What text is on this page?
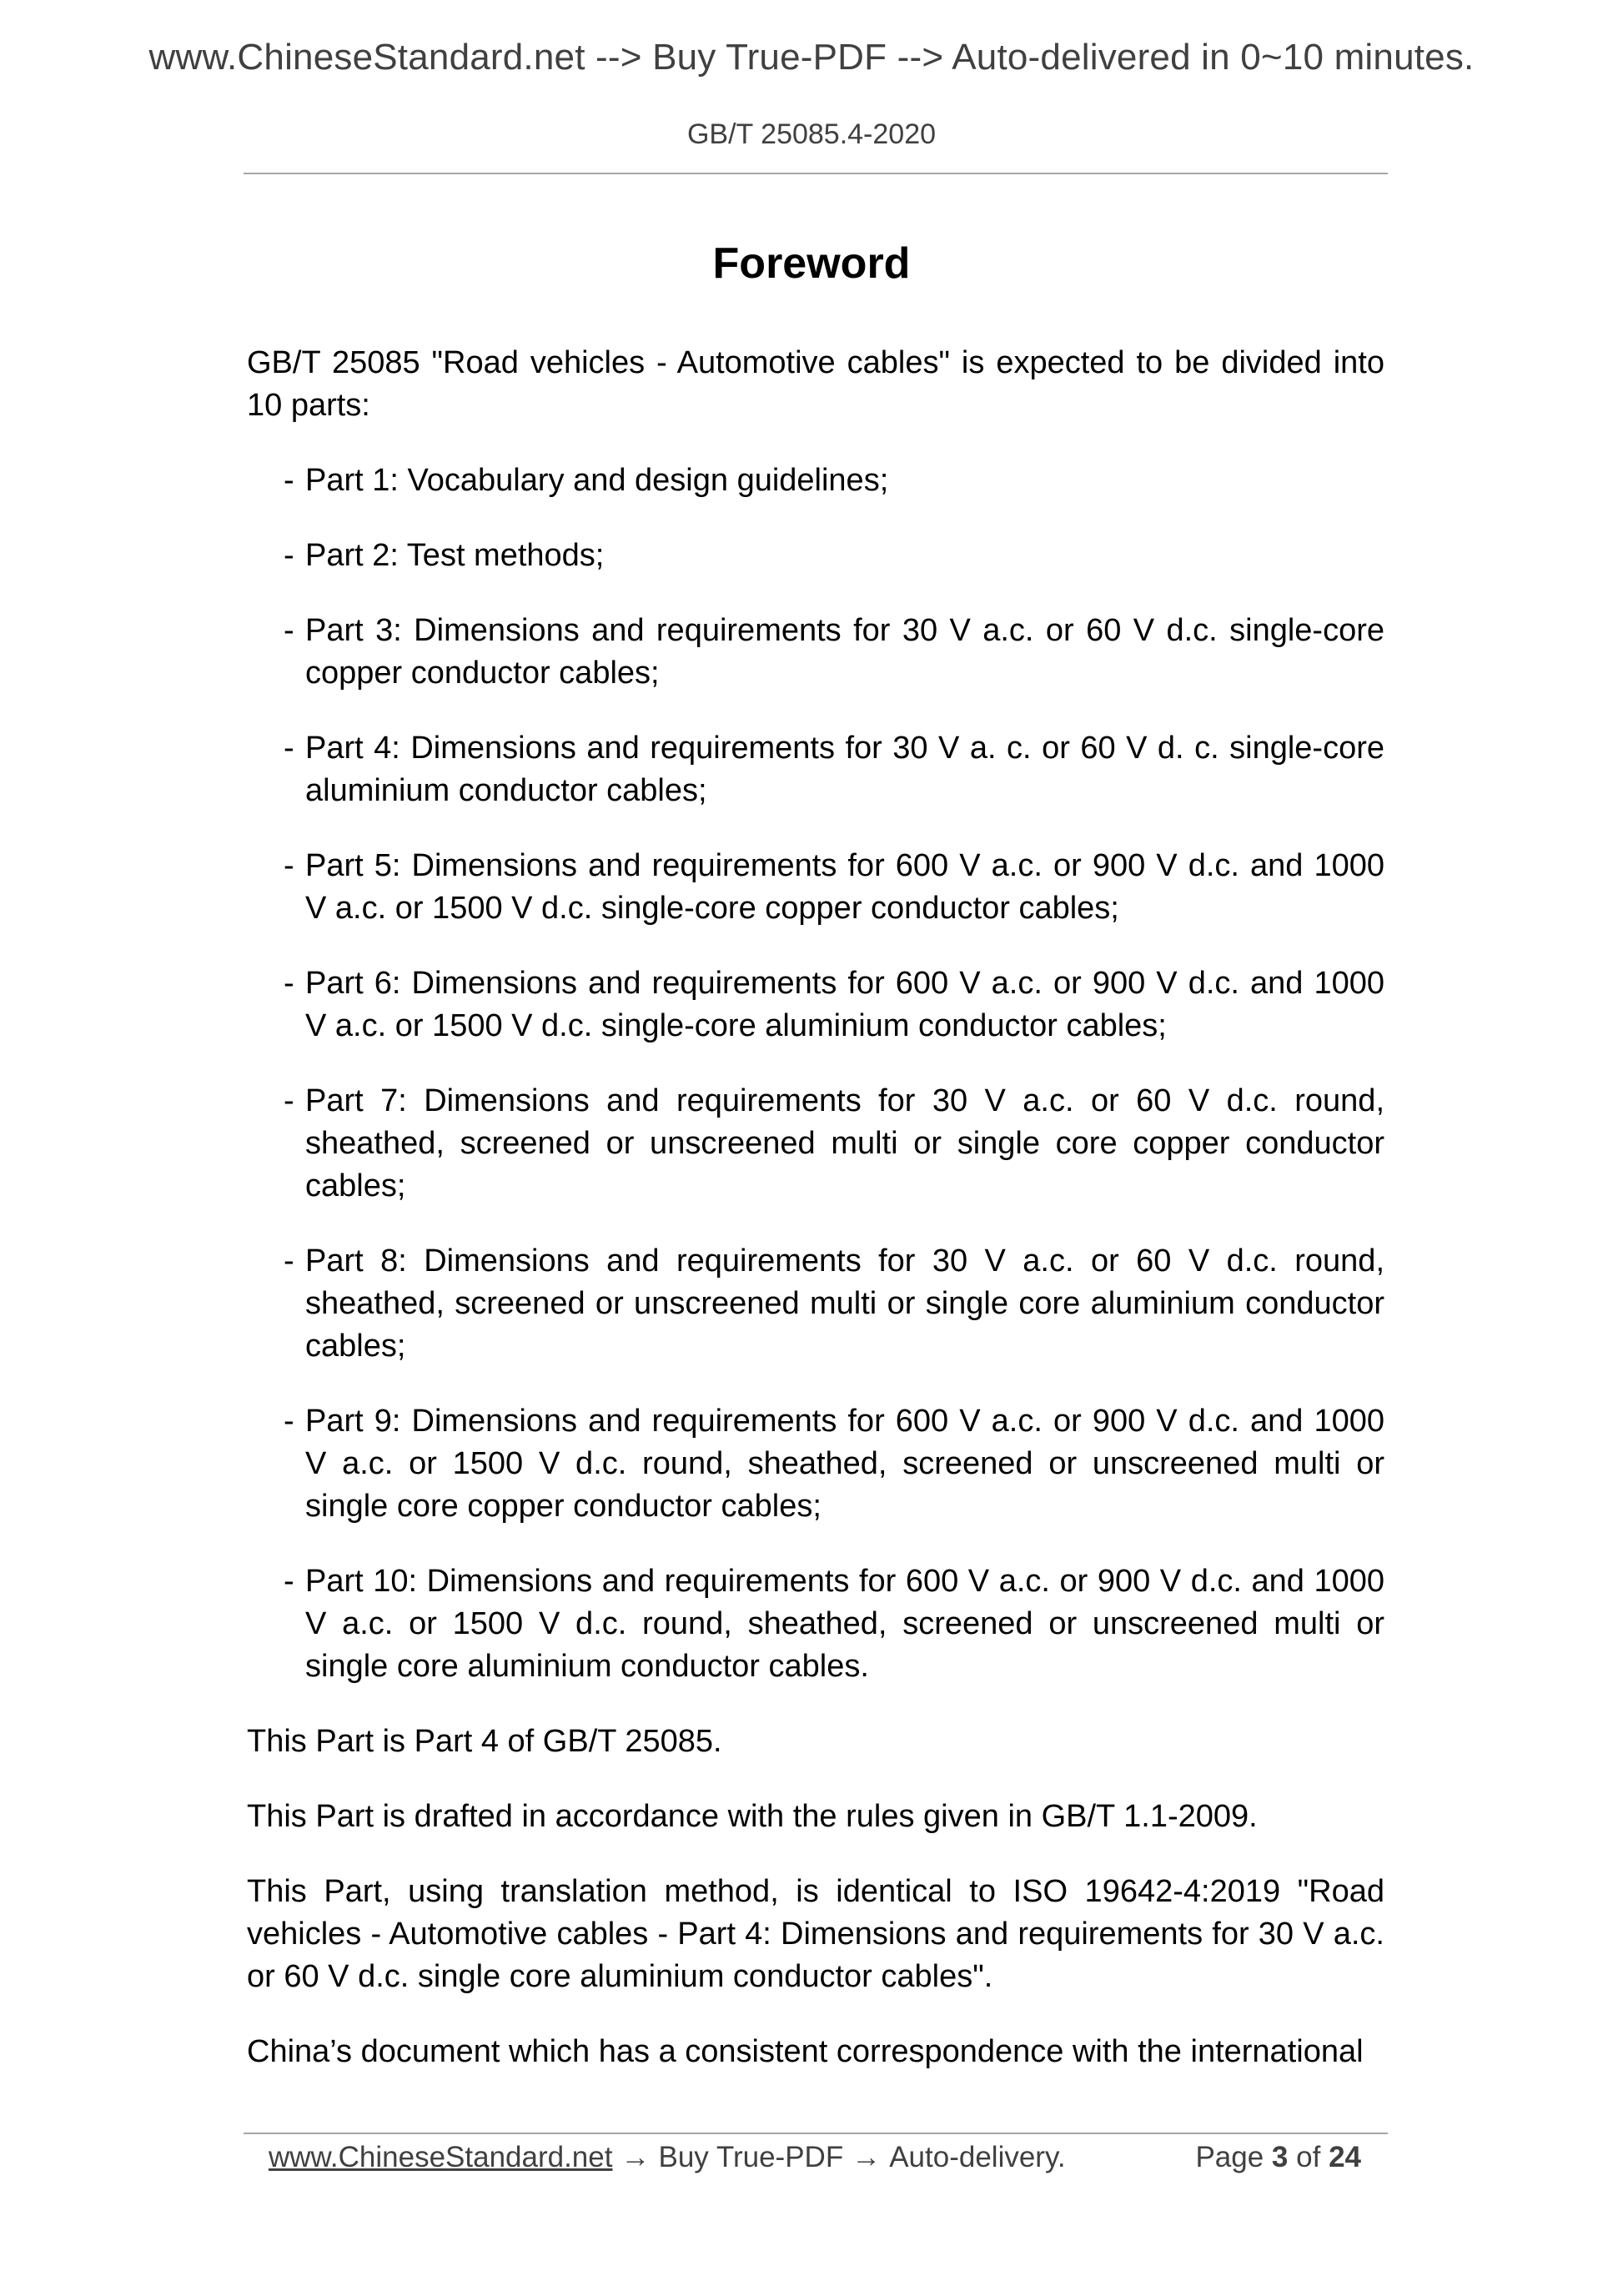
www.ChineseStandard.net --> Buy True-PDF --> Auto-delivered in 0~10 minutes.
GB/T 25085.4-2020
Foreword

GB/T 25085 "Road vehicles - Automotive cables" is expected to be divided into 10 parts:

- Part 1: Vocabulary and design guidelines;
- Part 2: Test methods;
- Part 3: Dimensions and requirements for 30 V a.c. or 60 V d.c. single-core copper conductor cables;
- Part 4: Dimensions and requirements for 30 V a. c. or 60 V d. c. single-core aluminium conductor cables;
- Part 5: Dimensions and requirements for 600 V a.c. or 900 V d.c. and 1000 V a.c. or 1500 V d.c. single-core copper conductor cables;
- Part 6: Dimensions and requirements for 600 V a.c. or 900 V d.c. and 1000 V a.c. or 1500 V d.c. single-core aluminium conductor cables;
- Part 7: Dimensions and requirements for 30 V a.c. or 60 V d.c. round, sheathed, screened or unscreened multi or single core copper conductor cables;
- Part 8: Dimensions and requirements for 30 V a.c. or 60 V d.c. round, sheathed, screened or unscreened multi or single core aluminium conductor cables;
- Part 9: Dimensions and requirements for 600 V a.c. or 900 V d.c. and 1000 V a.c. or 1500 V d.c. round, sheathed, screened or unscreened multi or single core copper conductor cables;
- Part 10: Dimensions and requirements for 600 V a.c. or 900 V d.c. and 1000 V a.c. or 1500 V d.c. round, sheathed, screened or unscreened multi or single core aluminium conductor cables.

This Part is Part 4 of GB/T 25085.

This Part is drafted in accordance with the rules given in GB/T 1.1-2009.

This Part, using translation method, is identical to ISO 19642-4:2019 "Road vehicles - Automotive cables - Part 4: Dimensions and requirements for 30 V a.c. or 60 V d.c. single core aluminium conductor cables".

China’s document which has a consistent correspondence with the international

www.ChineseStandard.net → Buy True-PDF → Auto-delivery.	Page 3 of 24
